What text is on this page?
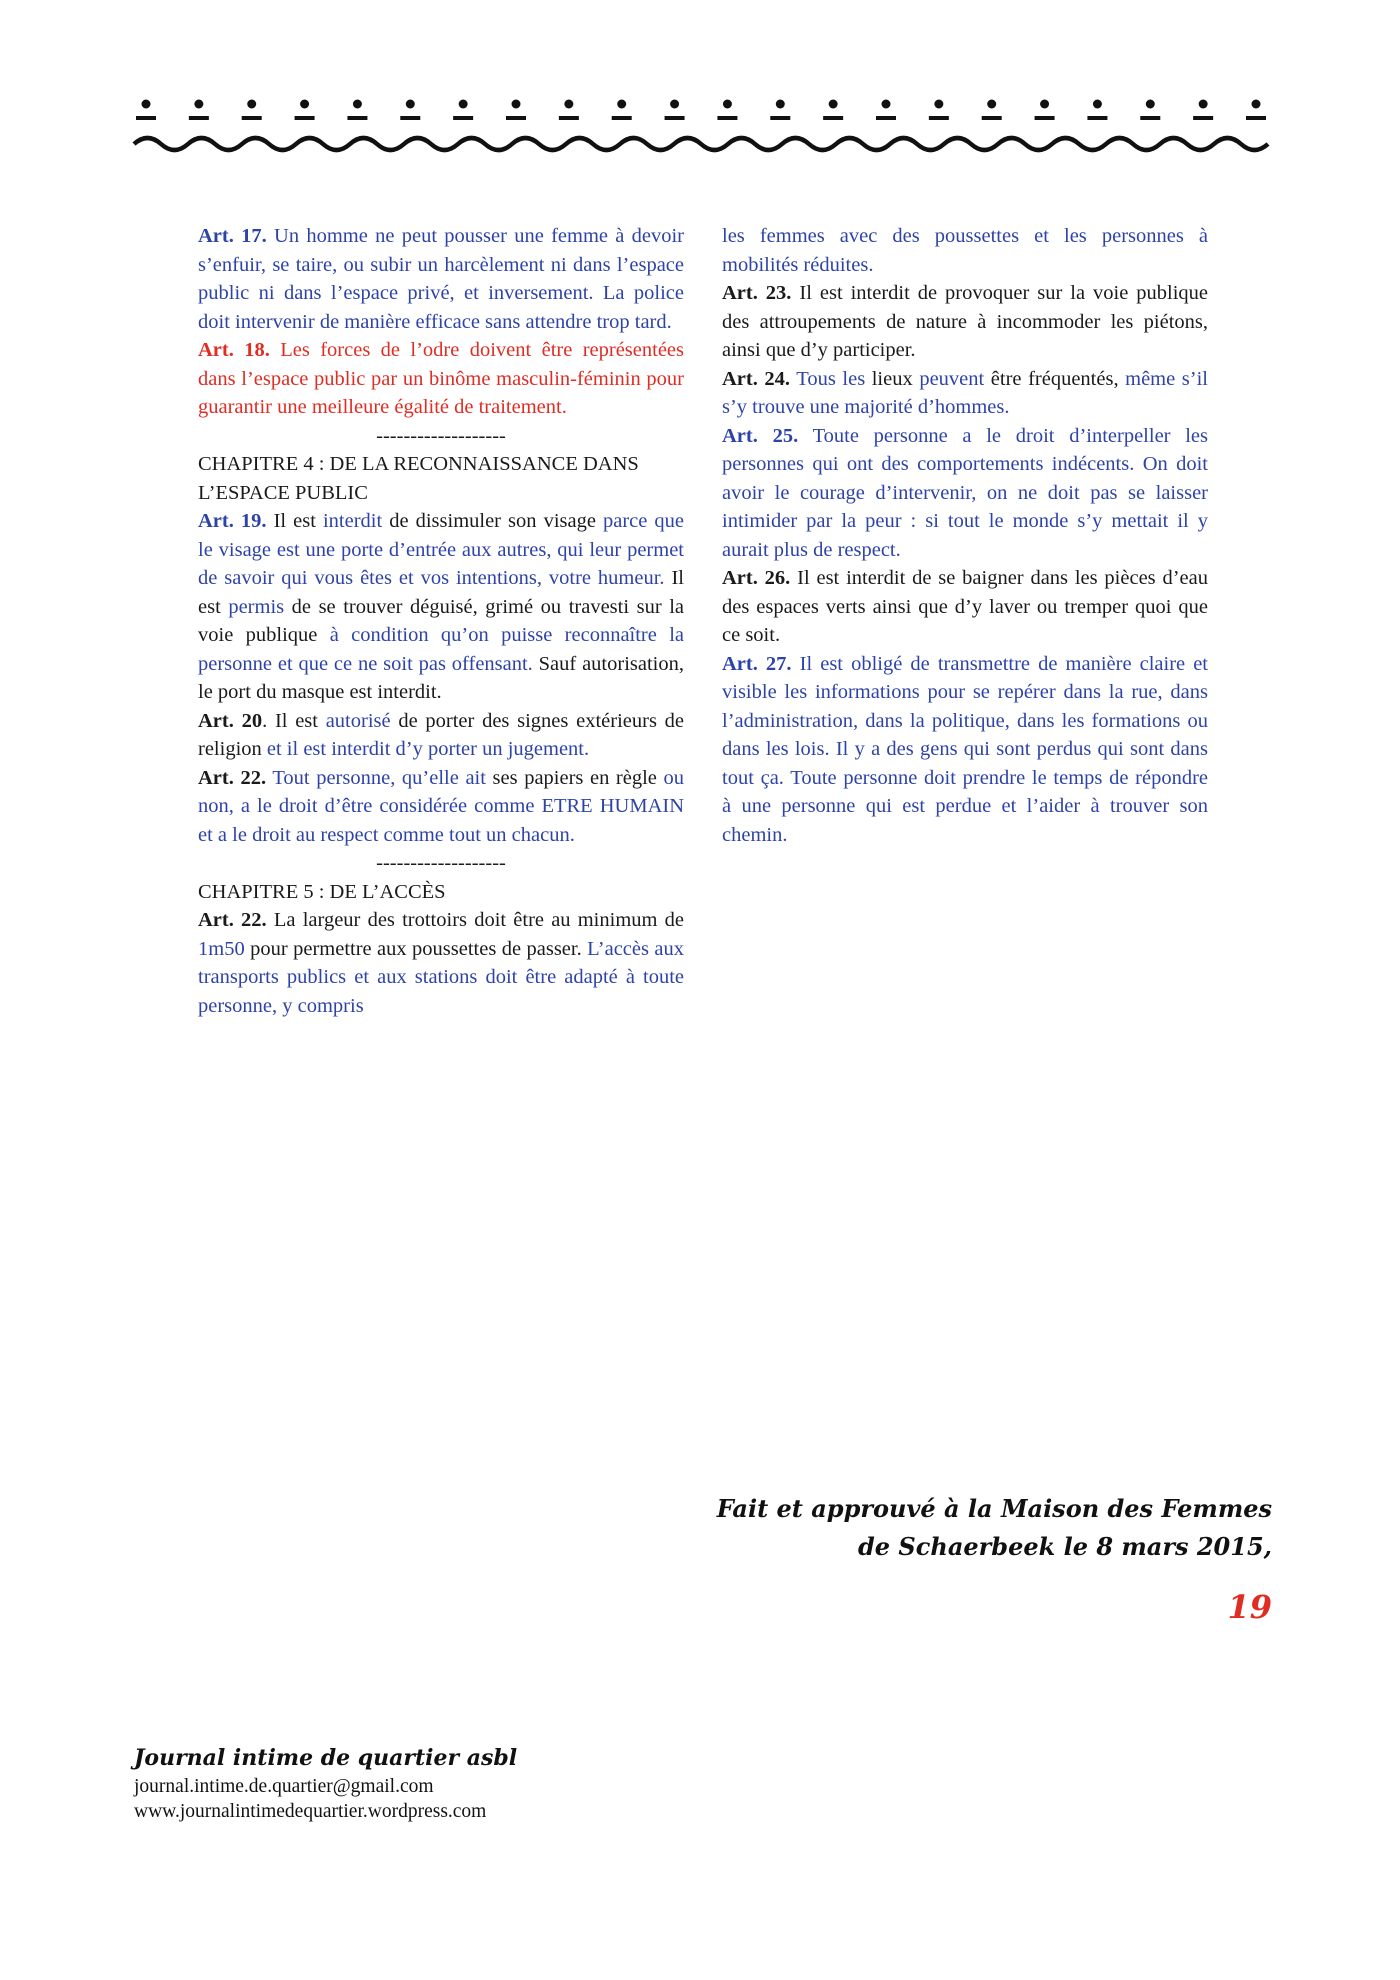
Art. 17. Un homme ne peut pousser une femme à devoir s’enfuir, se taire, ou subir un harcèlement ni dans l’espace public ni dans l’espace privé, et inversement. La police doit intervenir de manière efficace sans attendre trop tard.

Art. 18. Les forces de l’odre doivent être représentées dans l’espace public par un binôme masculin-féminin pour guarantir une meilleure égalité de traitement.

-------------------

CHAPITRE 4 : DE LA RECONNAISSANCE DANS L’ESPACE PUBLIC

Art. 19. Il est interdit de dissimuler son visage parce que le visage est une porte d’entrée aux autres, qui leur permet de savoir qui vous êtes et vos intentions, votre humeur. Il est permis de se trouver déguisé, grimé ou travesti sur la voie publique à condition qu’on puisse reconnaître la personne et que ce ne soit pas offensant. Sauf autorisation, le port du masque est interdit.

Art. 20. Il est autorisé de porter des signes extérieurs de religion et il est interdit d’y porter un jugement.

Art. 22. Tout personne, qu’elle ait ses papiers en règle ou non, a le droit d’être considérée comme ETRE HUMAIN et a le droit au respect comme tout un chacun.

-------------------

CHAPITRE 5 : DE L’ACCÈS

Art. 22. La largeur des trottoirs doit être au minimum de 1m50 pour permettre aux poussettes de passer. L’accès aux transports publics et aux stations doit être adapté à toute personne, y compris

les femmes avec des poussettes et les personnes à mobilités réduites.

Art. 23. Il est interdit de provoquer sur la voie publique des attroupements de nature à incommoder les piétons, ainsi que d’y participer.

Art. 24. Tous les lieux peuvent être fréquentés, même s’il s’y trouve une majorité d’hommes.

Art. 25. Toute personne a le droit d’interpeller les personnes qui ont des comportements indécents. On doit avoir le courage d’intervenir, on ne doit pas se laisser intimider par la peur : si tout le monde s’y mettait il y aurait plus de respect.

Art. 26. Il est interdit de se baigner dans les pièces d’eau des espaces verts ainsi que d’y laver ou tremper quoi que ce soit.

Art. 27. Il est obligé de transmettre de manière claire et visible les informations pour se repérer dans la rue, dans l’administration, dans la politique, dans les formations ou dans les lois. Il y a des gens qui sont perdus qui sont dans tout ça. Toute personne doit prendre le temps de répondre à une personne qui est perdue et l’aider à trouver son chemin.

Fait et approuvé à la Maison des Femmes
de Schaerbeek le 8 mars 2015,
19
Journal intime de quartier asbl
journal.intime.de.quartier@gmail.com
www.journalintimedequartier.wordpress.com
